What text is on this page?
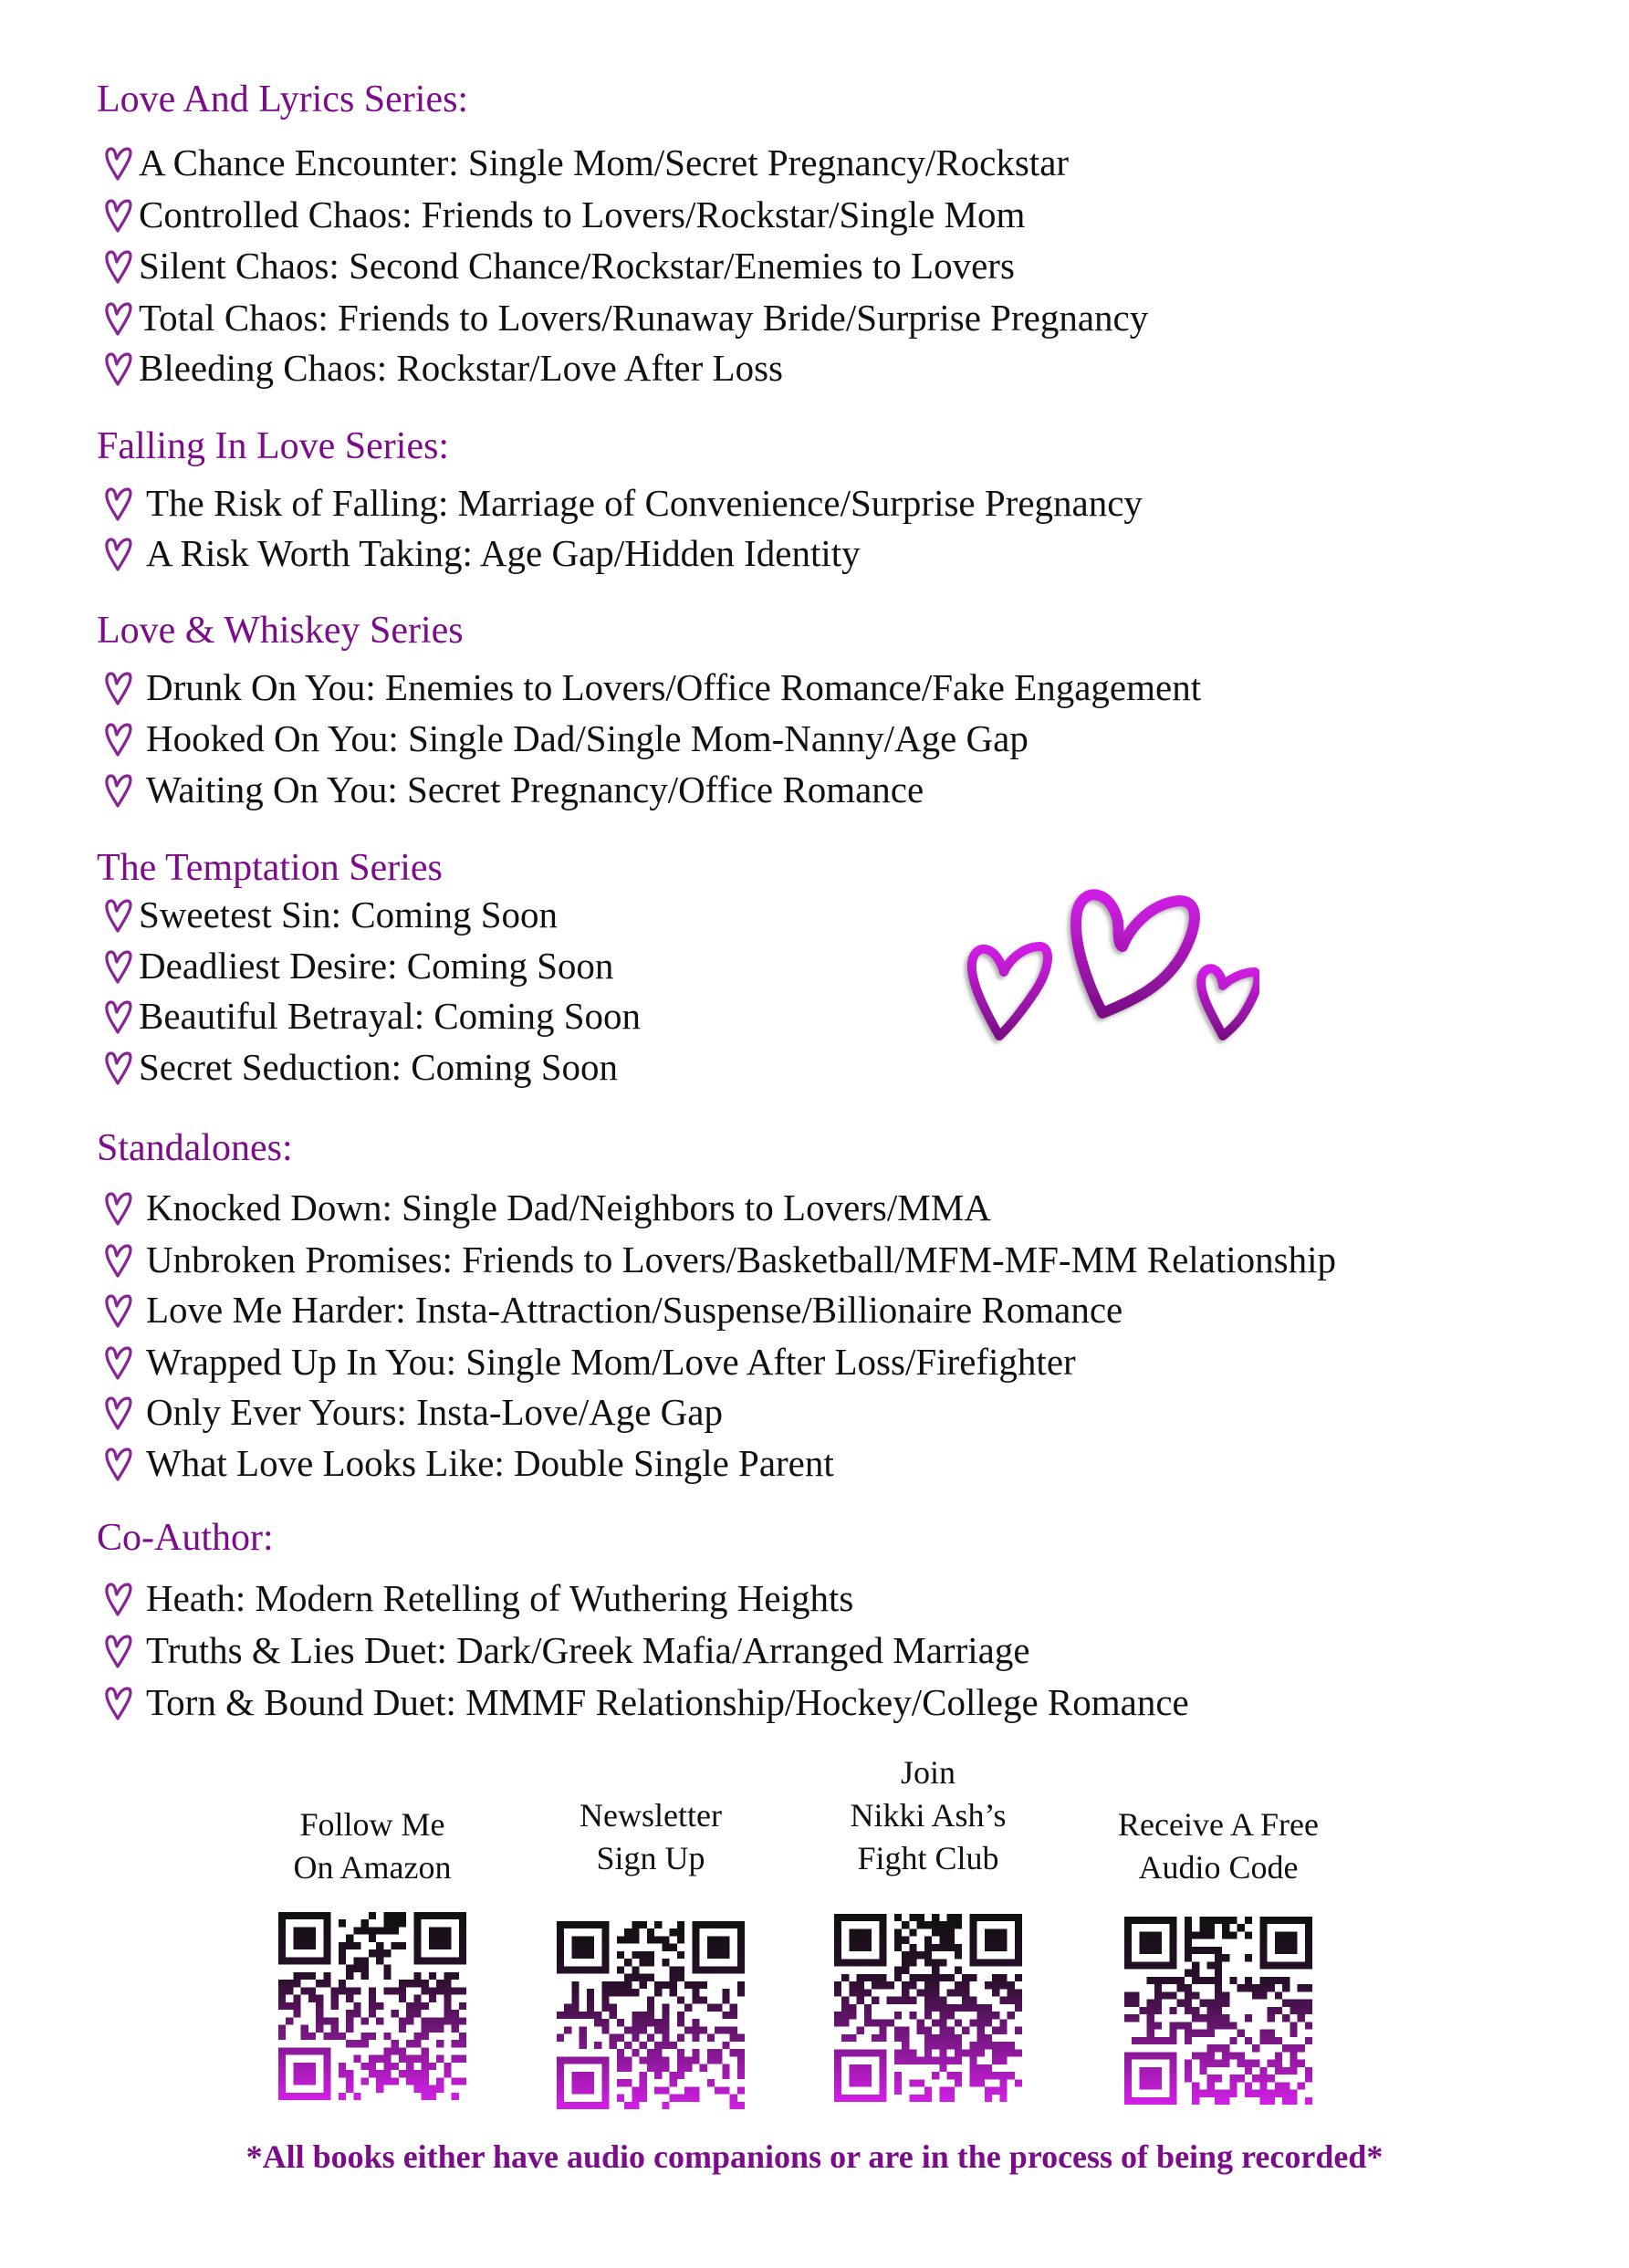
Love And Lyrics Series:
A Chance Encounter: Single Mom/Secret Pregnancy/Rockstar
Controlled Chaos: Friends to Lovers/Rockstar/Single Mom
Silent Chaos: Second Chance/Rockstar/Enemies to Lovers
Total Chaos: Friends to Lovers/Runaway Bride/Surprise Pregnancy
Bleeding Chaos: Rockstar/Love After Loss
Falling In Love Series:
The Risk of Falling: Marriage of Convenience/Surprise Pregnancy
A Risk Worth Taking: Age Gap/Hidden Identity
Love & Whiskey Series
Drunk On You: Enemies to Lovers/Office Romance/Fake Engagement
Hooked On You: Single Dad/Single Mom-Nanny/Age Gap
Waiting On You: Secret Pregnancy/Office Romance
The Temptation Series
Sweetest Sin: Coming Soon
Deadliest Desire: Coming Soon
Beautiful Betrayal: Coming Soon
Secret Seduction: Coming Soon
Standalones:
Knocked Down: Single Dad/Neighbors to Lovers/MMA
Unbroken Promises: Friends to Lovers/Basketball/MFM-MF-MM Relationship
Love Me Harder: Insta-Attraction/Suspense/Billionaire Romance
Wrapped Up In You: Single Mom/Love After Loss/Firefighter
Only Ever Yours: Insta-Love/Age Gap
What Love Looks Like: Double Single Parent
Co-Author:
Heath: Modern Retelling of Wuthering Heights
Truths & Lies Duet: Dark/Greek Mafia/Arranged Marriage
Torn & Bound Duet: MMMF Relationship/Hockey/College Romance
Follow Me
On Amazon
Newsletter
Sign Up
Join
Nikki Ash’s
Fight Club
Receive A Free
Audio Code
*All books either have audio companions or are in the process of being recorded*
